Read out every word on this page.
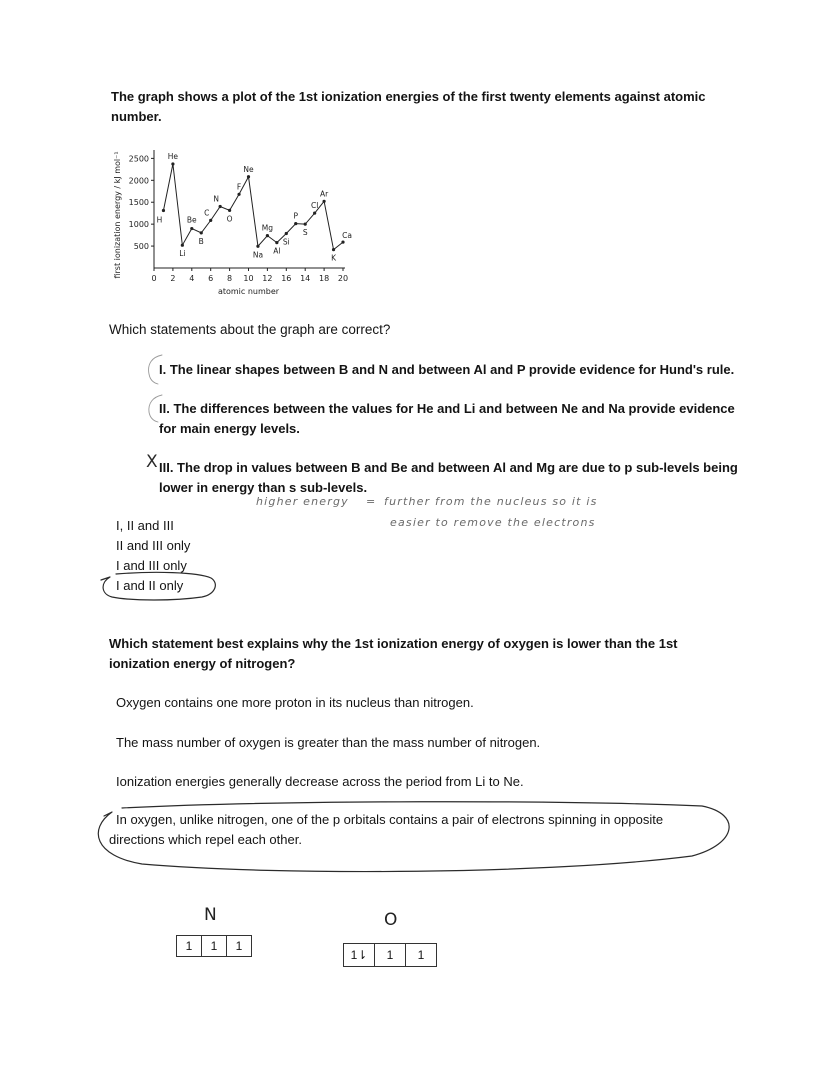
The graph shows a plot of the 1st ionization energies of the first twenty elements against atomic number.
500
1000
1500
2000
2500
0 2 4 6 8 10 12 16 14 18 20
H
He
Li
Be
B
C
N
O
F
Ne
Na
Mg
Al
Si
P
S
Cl
Ar
K
Ca
atomic number
first ionization energy / kJ mol⁻¹
Which statements about the graph are correct?
I. The linear shapes between B and N and between Al and P provide evidence for Hund's rule.
II. The differences between the values for He and Li and between Ne and Na provide evidence for main energy levels.
X III. The drop in values between B and Be and between Al and Mg are due to p sub-levels being lower in energy than s sub-levels.
higher energy = further from the nucleus so it is
easier to remove the electrons
I, II and III
II and III only
I and III only
I and II only
Which statement best explains why the 1st ionization energy of oxygen is lower than the 1st ionization energy of nitrogen?
Oxygen contains one more proton in its nucleus than nitrogen.
The mass number of oxygen is greater than the mass number of nitrogen.
Ionization energies generally decrease across the period from Li to Ne.
In oxygen, unlike nitrogen, one of the p orbitals contains a pair of electrons spinning in opposite directions which repel each other.
N
1	1	1
O
1⇂	1	1
